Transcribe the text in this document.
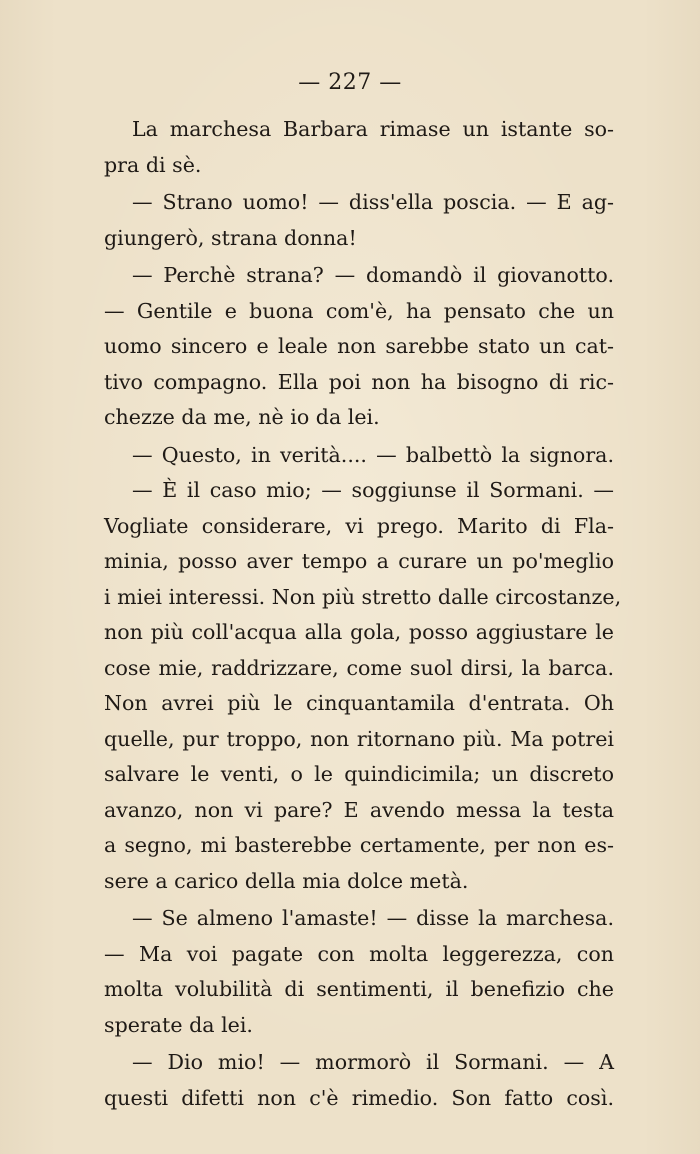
— 227 —
La marchesa Barbara rimase un istante so-
pra di sè.
— Strano uomo! — diss'ella poscia. — E ag-
giungerò, strana donna!
— Perchè strana? — domandò il giovanotto.
— Gentile e buona com'è, ha pensato che un
uomo sincero e leale non sarebbe stato un cat-
tivo compagno. Ella poi non ha bisogno di ric-
chezze da me, nè io da lei.
— Questo, in verità.... — balbettò la signora.
— È il caso mio; — soggiunse il Sormani. —
Vogliate considerare, vi prego. Marito di Fla-
minia, posso aver tempo a curare un po'meglio
i miei interessi. Non più stretto dalle circostanze,
non più coll'acqua alla gola, posso aggiustare le
cose mie, raddrizzare, come suol dirsi, la barca.
Non avrei più le cinquantamila d'entrata. Oh
quelle, pur troppo, non ritornano più. Ma potrei
salvare le venti, o le quindicimila; un discreto
avanzo, non vi pare? E avendo messa la testa
a segno, mi basterebbe certamente, per non es-
sere a carico della mia dolce metà.
— Se almeno l'amaste! — disse la marchesa.
— Ma voi pagate con molta leggerezza, con
molta volubilità di sentimenti, il benefizio che
sperate da lei.
— Dio mio! — mormorò il Sormani. — A
questi difetti non c'è rimedio. Son fatto così.
